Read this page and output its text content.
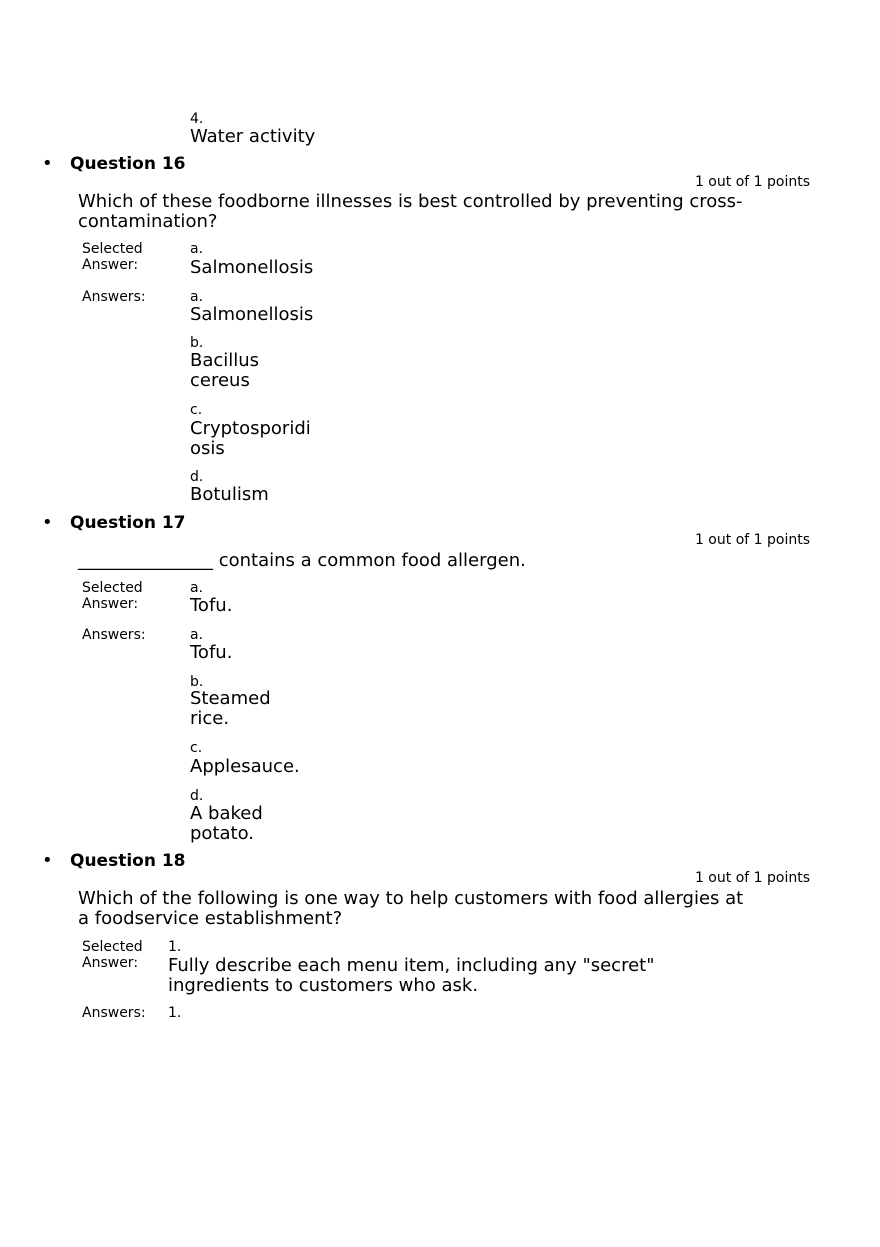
4.
Water activity
• Question 16
1 out of 1 points
Which of these foodborne illnesses is best controlled by preventing cross-
contamination?
Selected
Answer:
a.
Salmonellosis
Answers:	a.
Salmonellosis
b.
Bacillus
cereus
c.
Cryptosporidi
osis
d.
Botulism
• Question 17
1 out of 1 points
_______________ contains a common food allergen.
Selected
Answer:
a.
Tofu.
Answers:	a.
Tofu.
b.
Steamed
rice.
c.
Applesauce.
d.
A baked
potato.
• Question 18
1 out of 1 points
Which of the following is one way to help customers with food allergies at
a foodservice establishment?
Selected
Answer:
1.
Fully describe each menu item, including any "secret"
ingredients to customers who ask.
Answers: 1.
